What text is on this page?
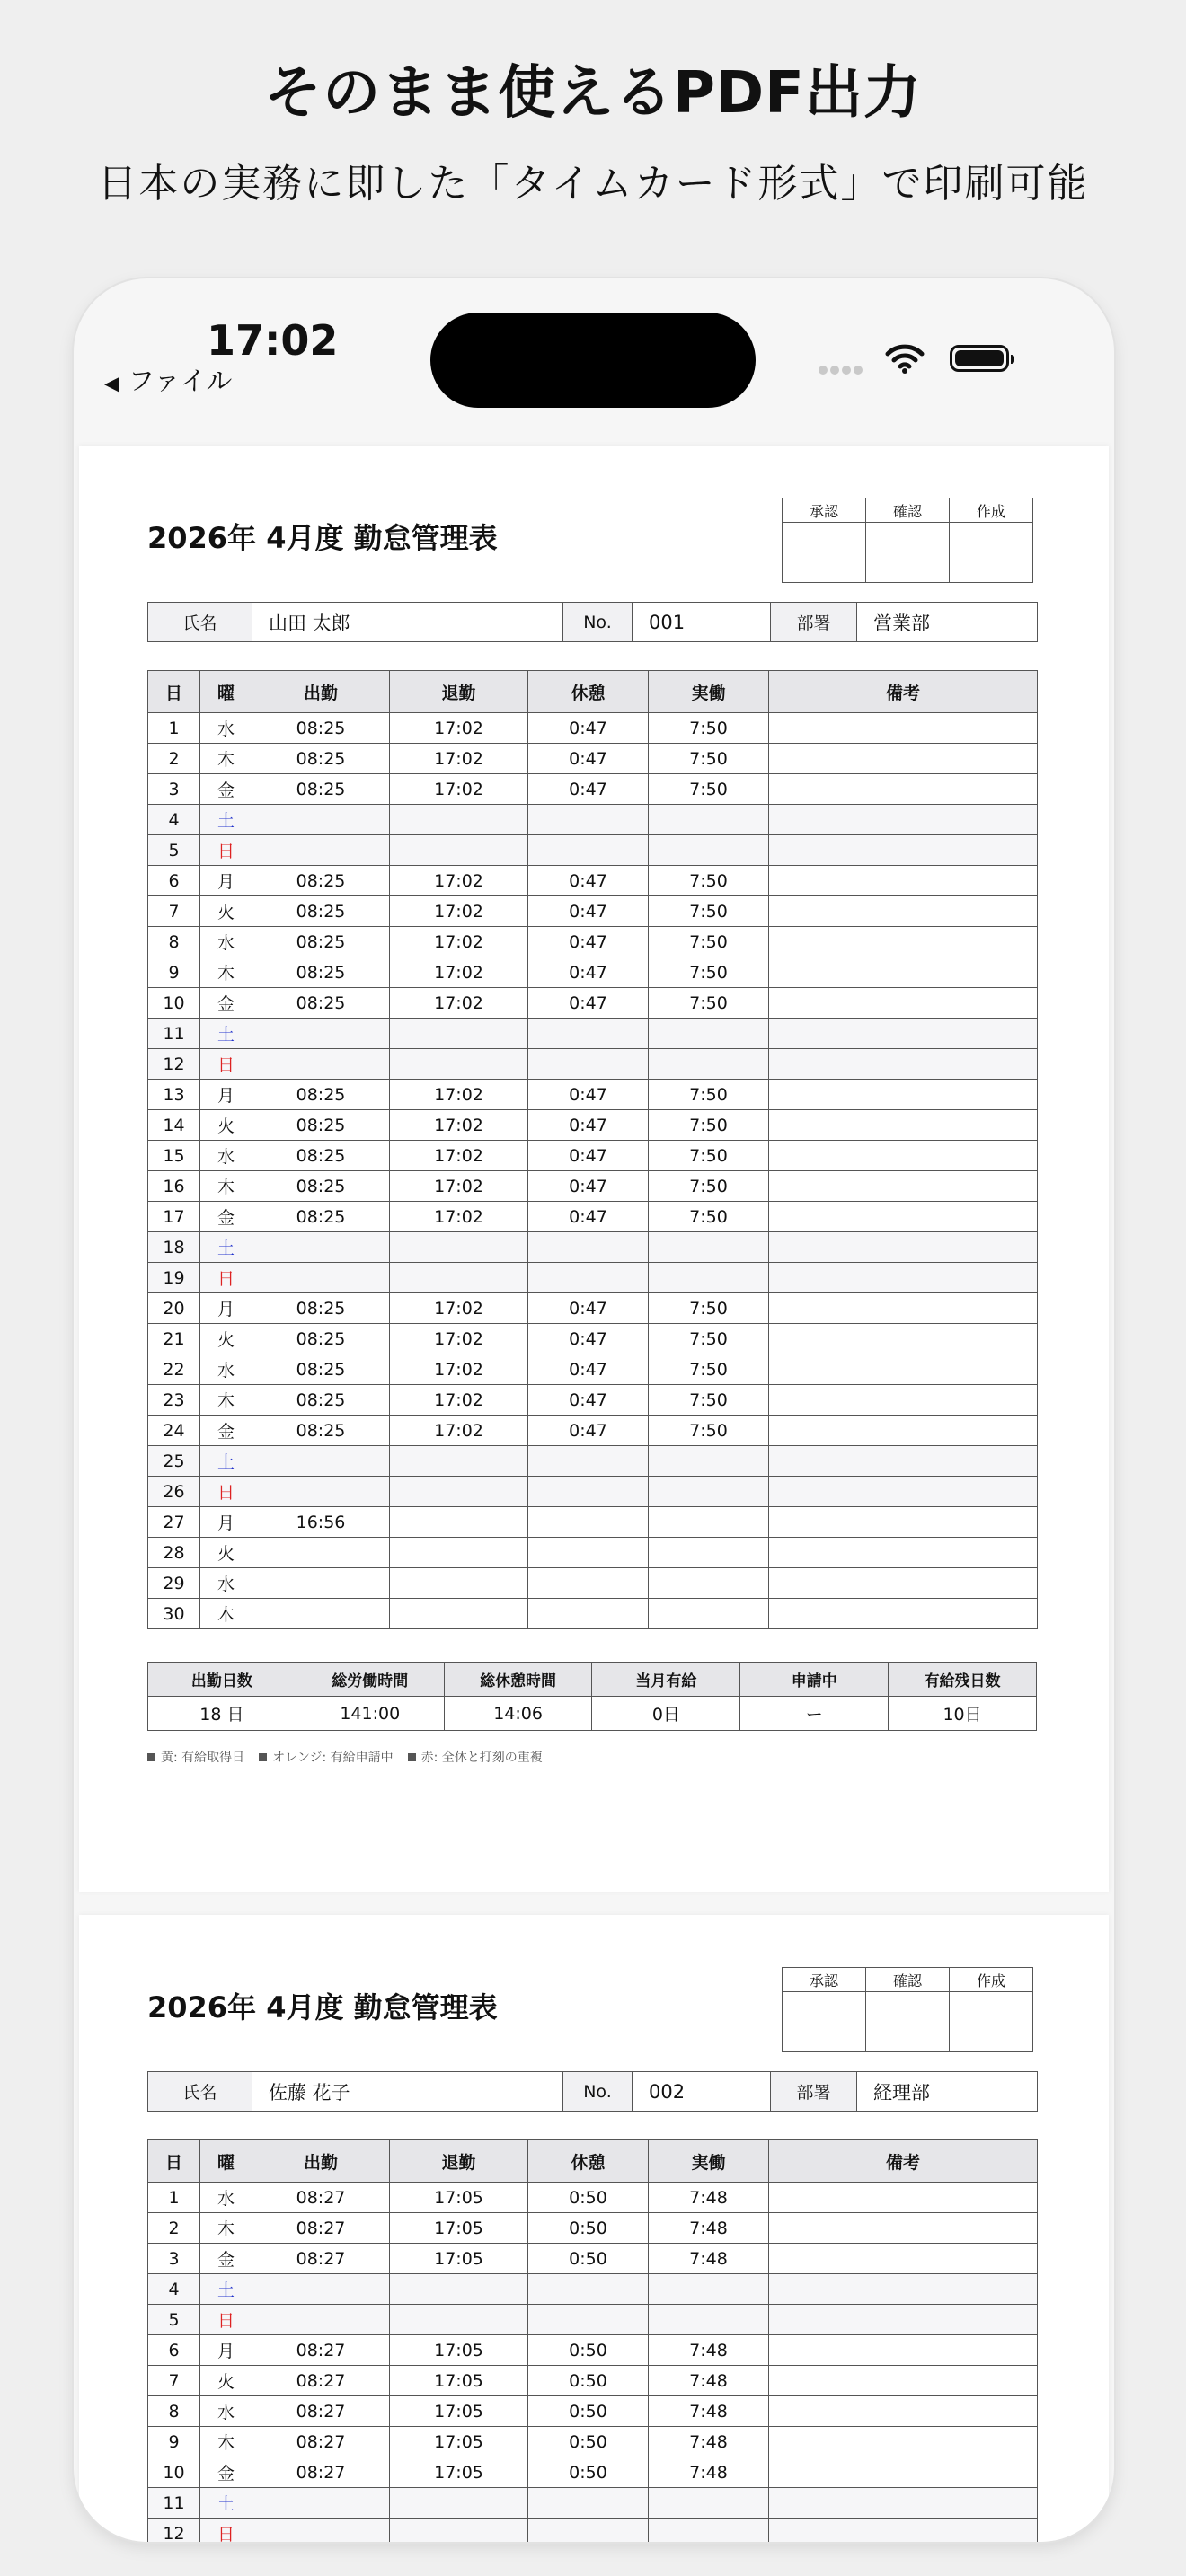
そのまま使えるPDF出力
日本の実務に即した「タイムカード形式」で印刷可能
17:02
◀ ファイル
2026年 4月度 勤怠管理表
承認	確認	作成

氏名	山田 太郎	No.	001	部署	営業部
日	曜	出勤	退勤	休憩	実働	備考
1	水	08:25	17:02	0:47	7:50	
2	木	08:25	17:02	0:47	7:50	
3	金	08:25	17:02	0:47	7:50	
4	土					
5	日					
6	月	08:25	17:02	0:47	7:50	
7	火	08:25	17:02	0:47	7:50	
8	水	08:25	17:02	0:47	7:50	
9	木	08:25	17:02	0:47	7:50	
10	金	08:25	17:02	0:47	7:50	
11	土					
12	日					
13	月	08:25	17:02	0:47	7:50	
14	火	08:25	17:02	0:47	7:50	
15	水	08:25	17:02	0:47	7:50	
16	木	08:25	17:02	0:47	7:50	
17	金	08:25	17:02	0:47	7:50	
18	土					
19	日					
20	月	08:25	17:02	0:47	7:50	
21	火	08:25	17:02	0:47	7:50	
22	水	08:25	17:02	0:47	7:50	
23	木	08:25	17:02	0:47	7:50	
24	金	08:25	17:02	0:47	7:50	
25	土					
26	日					
27	月	16:56				
28	火					
29	水					
30	木					
出勤日数	総労働時間	総休憩時間	当月有給	申請中	有給残日数
18 日	141:00	14:06	0日	ー	10日
黄: 有給取得日 オレンジ: 有給申請中 赤: 全休と打刻の重複
2026年 4月度 勤怠管理表
承認	確認	作成

氏名	佐藤 花子	No.	002	部署	経理部
日	曜	出勤	退勤	休憩	実働	備考
1	水	08:27	17:05	0:50	7:48	
2	木	08:27	17:05	0:50	7:48	
3	金	08:27	17:05	0:50	7:48	
4	土					
5	日					
6	月	08:27	17:05	0:50	7:48	
7	火	08:27	17:05	0:50	7:48	
8	水	08:27	17:05	0:50	7:48	
9	木	08:27	17:05	0:50	7:48	
10	金	08:27	17:05	0:50	7:48	
11	土					
12	日					
